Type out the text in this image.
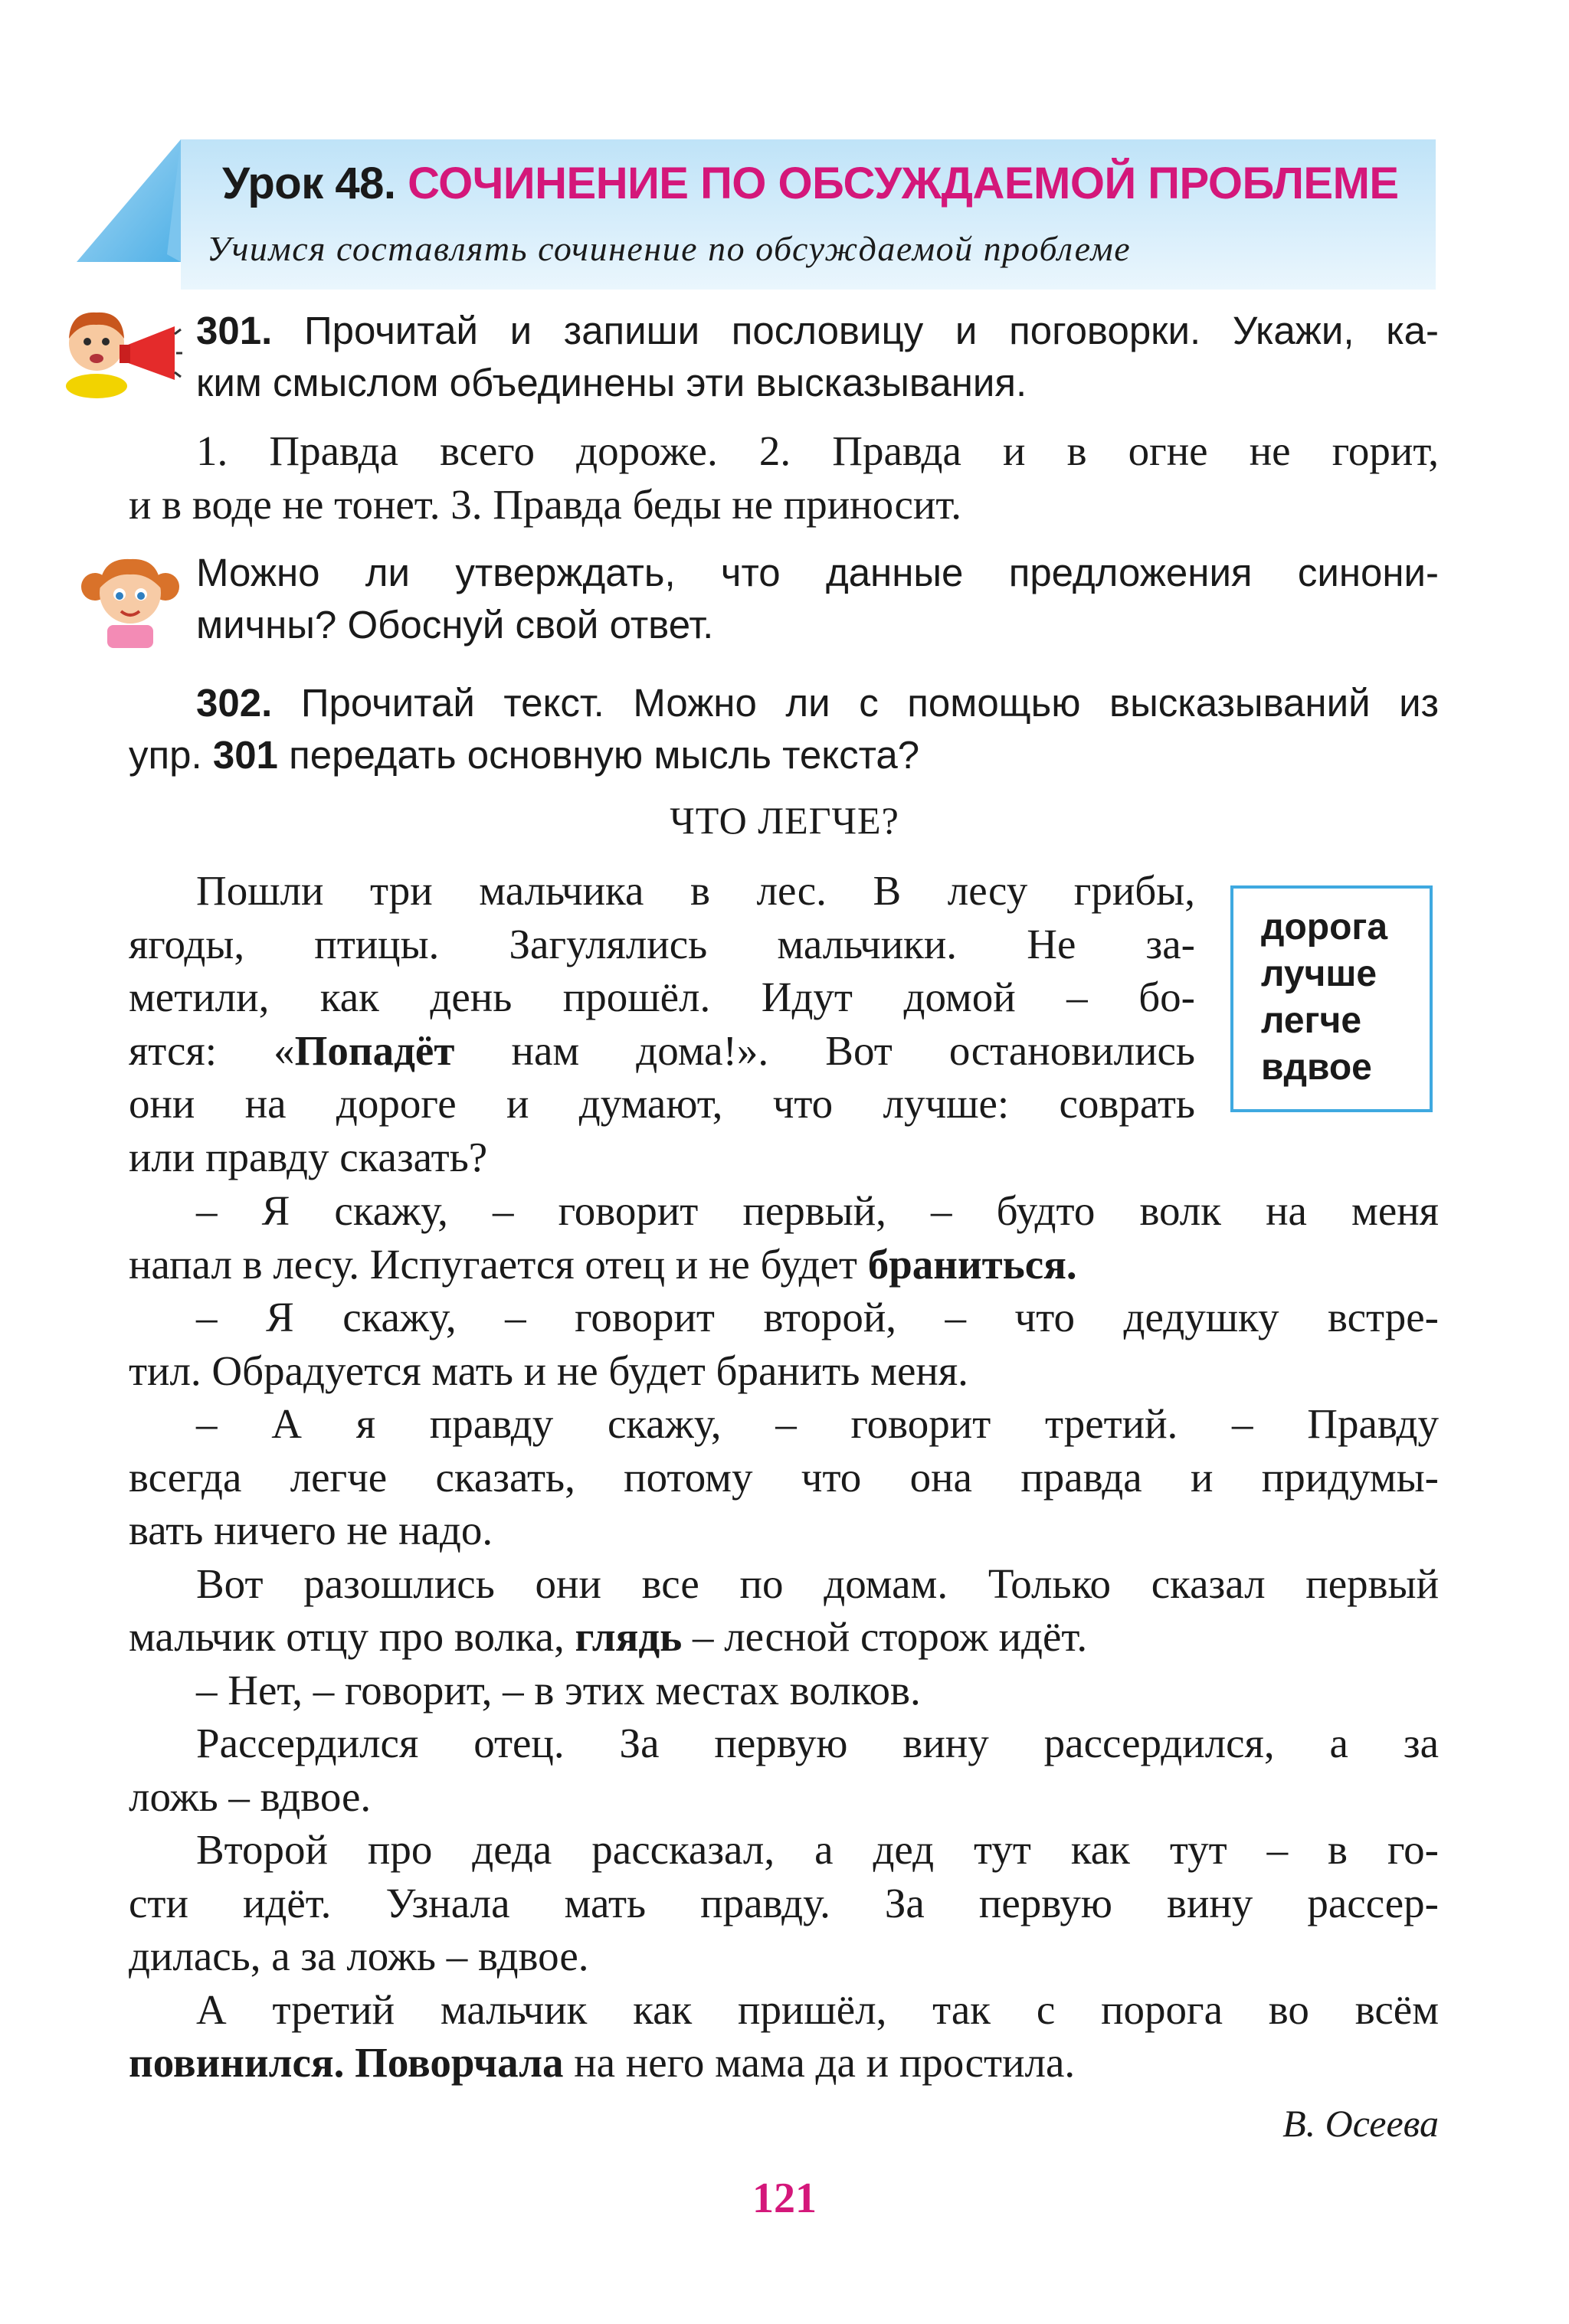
Урок 48. СОЧИНЕНИЕ ПО ОБСУЖДАЕМОЙ ПРОБЛЕМЕ
Учимся составлять сочинение по обсуждаемой проблеме
301. Прочитай и запиши пословицу и поговорки. Укажи, ка-
ким смыслом объединены эти высказывания.
1. Правда всего дороже. 2. Правда и в огне не горит,
и в воде не тонет. 3. Правда беды не приносит.
Можно ли утверждать, что данные предложения синони-
мичны? Обоснуй свой ответ.
302. Прочитай текст. Можно ли с помощью высказываний из
упр. 301 передать основную мысль текста?
ЧТО ЛЕГЧЕ?
Пошли три мальчика в лес. В лесу грибы,
ягоды, птицы. Загулялись мальчики. Не за-
метили, как день прошёл. Идут домой – бо-
ятся: «Попадёт нам дома!». Вот остановились
они на дороге и думают, что лучше: соврать
или правду сказать?
дорога
лучше
легче
вдвое
– Я скажу, – говорит первый, – будто волк на меня
напал в лесу. Испугается отец и не будет браниться.
– Я скажу, – говорит второй, – что дедушку встре-
тил. Обрадуется мать и не будет бранить меня.
– А я правду скажу, – говорит третий. – Правду
всегда легче сказать, потому что она правда и придумы-
вать ничего не надо.
Вот разошлись они все по домам. Только сказал первый
мальчик отцу про волка, глядь – лесной сторож идёт.
– Нет, – говорит, – в этих местах волков.
Рассердился отец. За первую вину рассердился, а за
ложь – вдвое.
Второй про деда рассказал, а дед тут как тут – в го-
сти идёт. Узнала мать правду. За первую вину рассер-
дилась, а за ложь – вдвое.
А третий мальчик как пришёл, так с порога во всём
повинился. Поворчала на него мама да и простила.
В. Осеева
121
